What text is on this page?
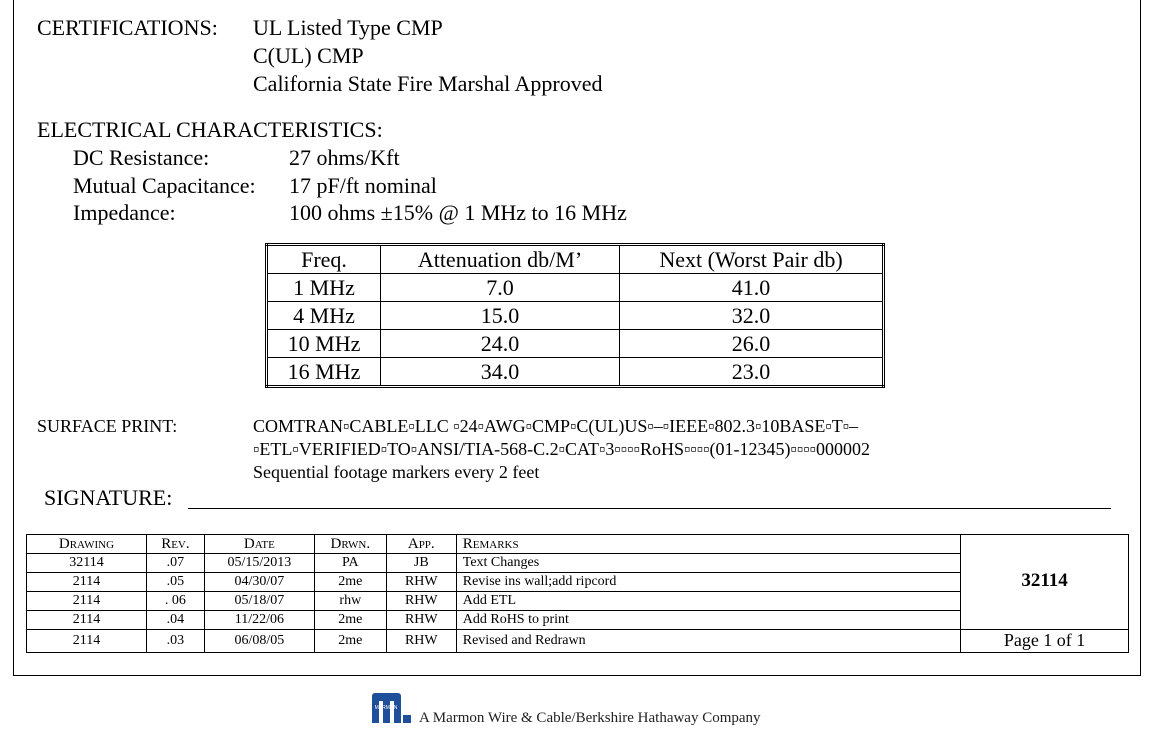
CERTIFICATIONS: UL Listed Type CMP
C(UL) CMP
California State Fire Marshal Approved
ELECTRICAL CHARACTERISTICS:
DC Resistance:	27 ohms/Kft
Mutual Capacitance: 17 pF/ft nominal
Impedance:	100 ohms ±15% @ 1 MHz to 16 MHz
Freq.	Attenuation db/M’	Next (Worst Pair db)
1 MHz	7.0	41.0
4 MHz	15.0	32.0
10 MHz	24.0	26.0
16 MHz	34.0	23.0
SURFACE PRINT:	COMTRAN▫CABLE▫LLC ▫24▫AWG▫CMP▫C(UL)US▫–▫IEEE▫802.3▫10BASE▫T▫–
▫ETL▫VERIFIED▫TO▫ANSI/TIA-568-C.2▫CAT▫3▫▫▫▫RoHS▫▫▫▫(01-12345)▫▫▫▫000002
Sequential footage markers every 2 feet
SIGNATURE:
Drawing	Rev.	Date	Drwn.	App.	Remarks	32114
32114	.07	05/15/2013	PA	JB	Text Changes	
2114	.05	04/30/07	2me	RHW	Revise ins wall;add ripcord	
2114	. 06	05/18/07	rhw	RHW	Add ETL	
2114	.04	11/22/06	2me	RHW	Add RoHS to print	
2114	.03	06/08/05	2me	RHW	Revised and Redrawn	Page 1 of 1
MARMON
A Marmon Wire & Cable/Berkshire Hathaway Company
